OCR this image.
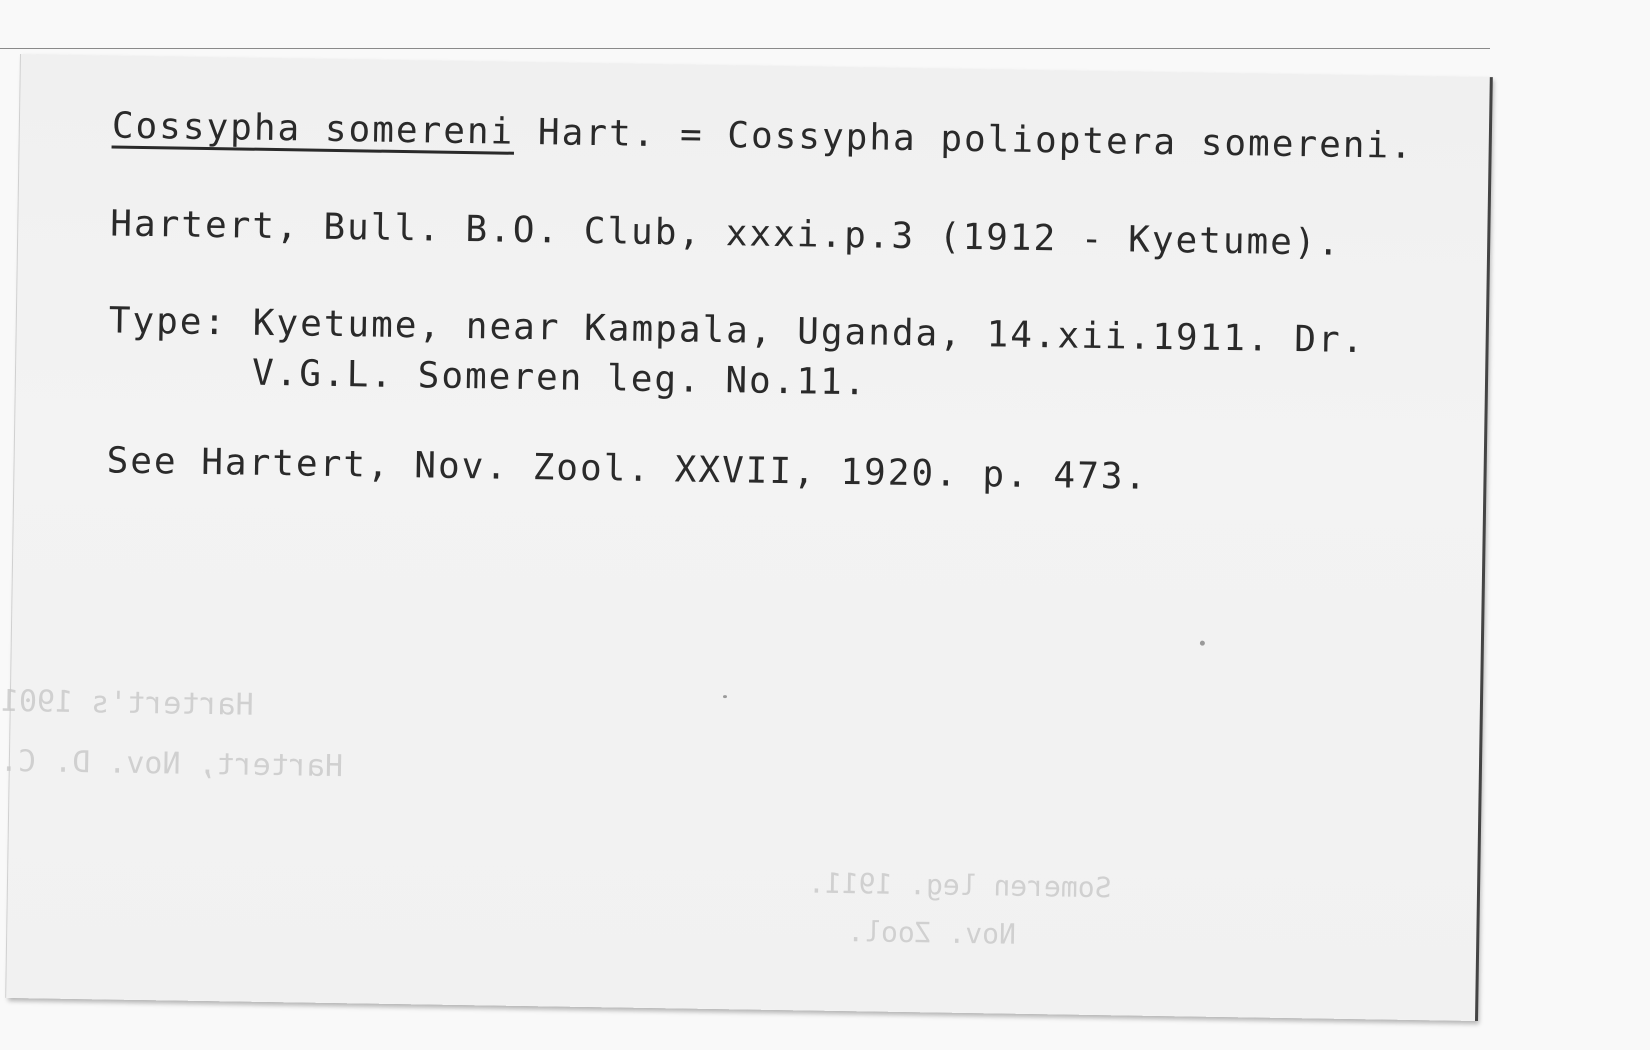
Hartert's 1901
Hartert, Nov. D. C.
Someren leg. 1911.
Nov. Zool.
Cossypha somereni Hart. = Cossypha polioptera somereni.
Hartert, Bull. B.O. Club, xxxi.p.3 (1912 - Kyetume).
Type: Kyetume, near Kampala, Uganda, 14.xii.1911. Dr.
V.G.L. Someren leg. No.11.
See Hartert, Nov. Zool. XXVII, 1920. p. 473.
